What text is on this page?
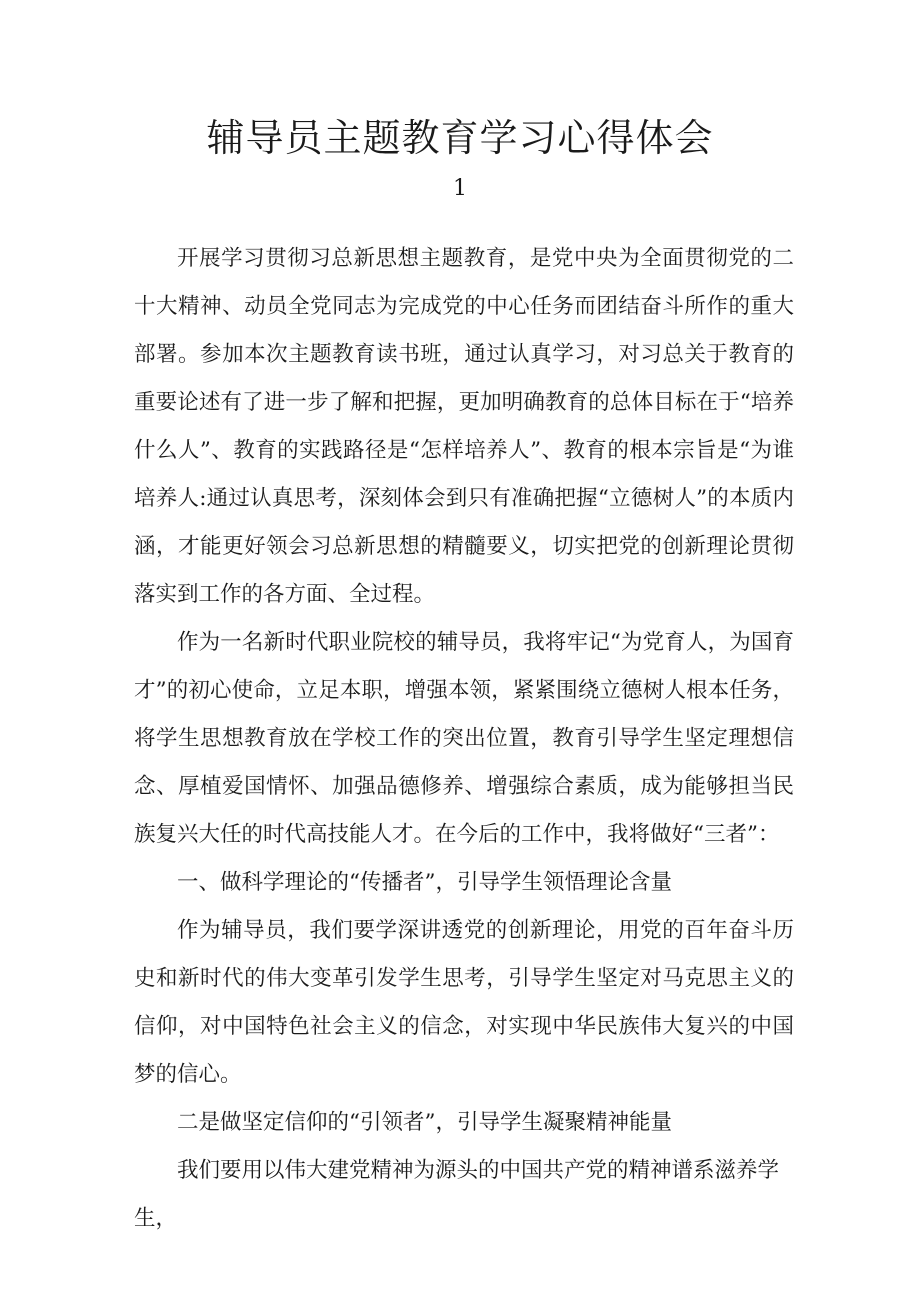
辅导员主题教育学习心得体会
1

开展学习贯彻习总新思想主题教育，是党中央为全面贯彻党的二十大精神、动员全党同志为完成党的中心任务而团结奋斗所作的重大部署。参加本次主题教育读书班，通过认真学习，对习总关于教育的重要论述有了进一步了解和把握，更加明确教育的总体目标在于“培养什么人”、教育的实践路径是“怎样培养人”、教育的根本宗旨是“为谁培养人:通过认真思考，深刻体会到只有准确把握“立德树人”的本质内涵，才能更好领会习总新思想的精髓要义，切实把党的创新理论贯彻落实到工作的各方面、全过程。

作为一名新时代职业院校的辅导员，我将牢记“为党育人，为国育才”的初心使命，立足本职，增强本领，紧紧围绕立德树人根本任务，将学生思想教育放在学校工作的突出位置，教育引导学生坚定理想信念、厚植爱国情怀、加强品德修养、增强综合素质，成为能够担当民族复兴大任的时代高技能人才。在今后的工作中，我将做好“三者”：

一、做科学理论的“传播者”，引导学生领悟理论含量

作为辅导员，我们要学深讲透党的创新理论，用党的百年奋斗历史和新时代的伟大变革引发学生思考，引导学生坚定对马克思主义的信仰，对中国特色社会主义的信念，对实现中华民族伟大复兴的中国梦的信心。

二是做坚定信仰的“引领者”，引导学生凝聚精神能量

我们要用以伟大建党精神为源头的中国共产党的精神谱系滋养学生，
